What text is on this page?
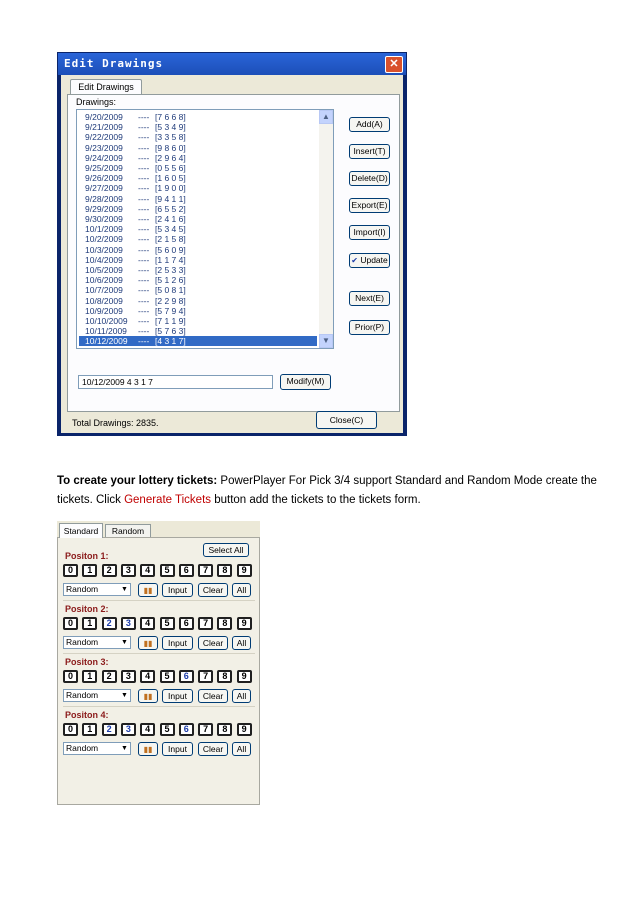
Edit Drawings	✕
Edit Drawings
Drawings:
9/20/2009 ---- [7 6 6 8]
9/21/2009 ---- [5 3 4 9]
9/22/2009 ---- [3 3 5 8]
9/23/2009 ---- [9 8 6 0]
9/24/2009 ---- [2 9 6 4]
9/25/2009 ---- [0 5 5 6]
9/26/2009 ---- [1 6 0 5]
9/27/2009 ---- [1 9 0 0]
9/28/2009 ---- [9 4 1 1]
9/29/2009 ---- [6 5 5 2]
9/30/2009 ---- [2 4 1 6]
10/1/2009 ---- [5 3 4 5]
10/2/2009 ---- [2 1 5 8]
10/3/2009 ---- [5 6 0 9]
10/4/2009 ---- [1 1 7 4]
10/5/2009 ---- [2 5 3 3]
10/6/2009 ---- [5 1 2 6]
10/7/2009 ---- [5 0 8 1]
10/8/2009 ---- [2 2 9 8]
10/9/2009 ---- [5 7 9 4]
10/10/2009 ---- [7 1 1 9]
10/11/2009 ---- [5 7 6 3]
10/12/2009 ---- [4 3 1 7]
▲
▼
Add(A)
Insert(T)
Delete(D)
Export(E)
Import(I)
✔ Update
Next(E)
Prior(P)
10/12/2009 4 3 1 7	Modify(M)
Total Drawings: 2835.	Close(C)
To create your lottery tickets: PowerPlayer For Pick 3/4 support Standard and Random Mode create the tickets. Click Generate Tickets button add the tickets to the tickets form.
Standard	Random
Select All
Positon 1:
0	1	2	3	4	5	6	7	8	9
Random	▼	▮▮	Input	Clear	All
Positon 2:
0	1	2	3	4	5	6	7	8	9
Random	▼	▮▮	Input	Clear	All
Positon 3:
0	1	2	3	4	5	6	7	8	9
Random	▼	▮▮	Input	Clear	All
Positon 4:
0	1	2	3	4	5	6	7	8	9
Random	▼	▮▮	Input	Clear	All
